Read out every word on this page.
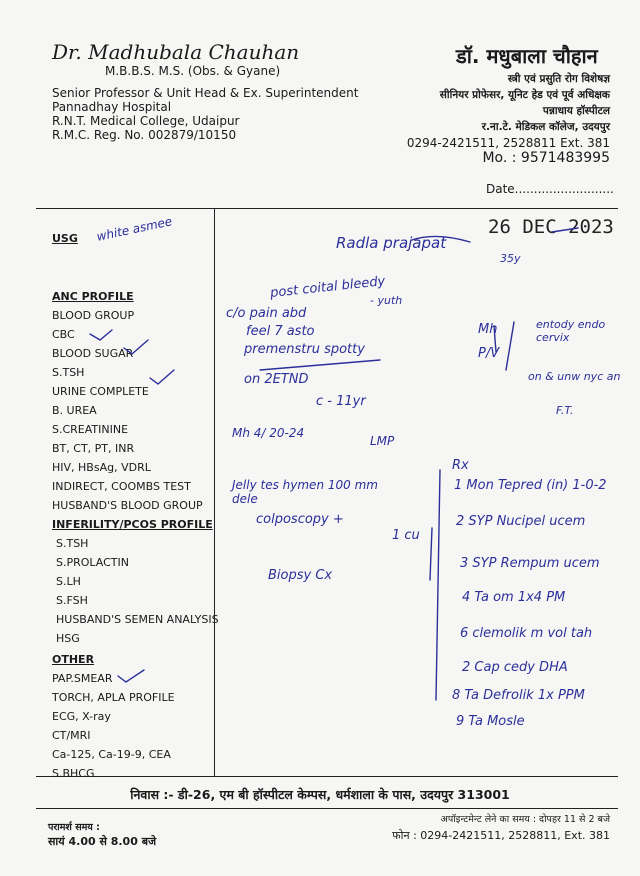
Dr. Madhubala Chauhan
M.B.B.S. M.S. (Obs. & Gyane)
Senior Professor & Unit Head & Ex. Superintendent
Pannadhay Hospital
R.N.T. Medical College, Udaipur
R.M.C. Reg. No. 002879/10150
डॉ. मधुबाला चौहान
स्त्री एवं प्रसुति रोग विशेषज्ञ
सीनियर प्रोफेसर, यूनिट हेड एवं पूर्व अधिक्षक
पन्नाधाय हॉस्पीटल
र.ना.टे. मेडिकल कॉलेज, उदयपुर
0294-2421511, 2528811 Ext. 381
Mo. : 9571483995
Date..........................
26 DEC 2023
USG
ANC PROFILE
BLOOD GROUP
CBC
BLOOD SUGAR
S.TSH
URINE COMPLETE
B. UREA
S.CREATININE
BT, CT, PT, INR
HIV, HBsAg, VDRL
INDIRECT, COOMBS TEST
HUSBAND'S BLOOD GROUP
INFERILITY/PCOS PROFILE
S.TSH
S.PROLACTIN
S.LH
S.FSH
HUSBAND'S SEMEN ANALYSIS
HSG
OTHER
PAP.SMEAR
TORCH, APLA PROFILE
ECG, X-ray
CT/MRI
Ca-125, Ca-19-9, CEA
S.BHCG
white asmee	Radla prajapat
35y
post coital bleedy
c/o pain abd
- yuth
feel 7 asto
premenstru spotty
on 2ETND
c - 11yr
Mh 4/ 20-24
LMP
Mh
P/V
entody endo cervix
on & unw nyc an
F.T.
Jelly tes hymen 100 mm dele
Rx
1 Mon Tepred (in) 1-0-2
2 SYP Nucipel ucem
3 SYP Rempum ucem
4 Ta om 1x4 PM
6 clemolik m vol tah
2 Cap cedy DHA
8 Ta Defrolik 1x PPM
9 Ta Mosle
colposcopy +
Biopsy Cx
1 cu
निवास :- डी-26, एम बी हॉस्पीटल केम्पस, धर्मशाला के पास, उदयपुर 313001
परामर्श समय :
सायं 4.00 से 8.00 बजे
अपॉइन्टमेन्ट लेने का समय : दोपहर 11 से 2 बजे
फोन : 0294-2421511, 2528811, Ext. 381
